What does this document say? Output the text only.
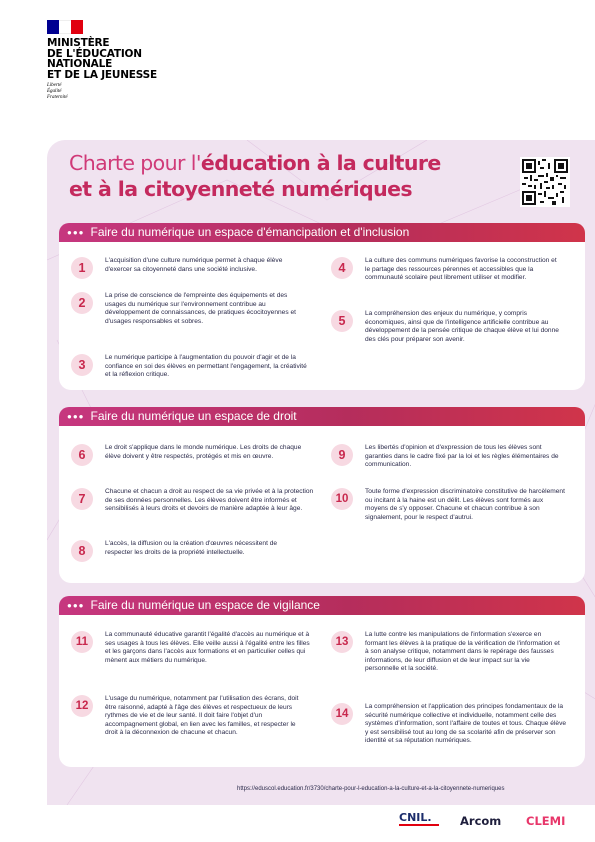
MINISTÈRE
DE L'ÉDUCATION
NATIONALE
ET DE LA JEUNESSE
Liberté
Égalité
Fraternité
Charte pour l'éducation à la culture
et à la citoyenneté numériques
●●● Faire du numérique un espace d'émancipation et d'inclusion
1
L'acquisition d'une culture numérique permet à chaque élève d'exercer sa citoyenneté dans une société inclusive.
2
La prise de conscience de l'empreinte des équipements et des usages du numérique sur l'environnement contribue au développement de connaissances, de pratiques écocitoyennes et d'usages responsables et sobres.
3
Le numérique participe à l'augmentation du pouvoir d'agir et de la confiance en soi des élèves en permettant l'engagement, la créativité et la réflexion critique.
4
La culture des communs numériques favorise la coconstruction et le partage des ressources pérennes et accessibles que la communauté scolaire peut librement utiliser et modifier.
5
La compréhension des enjeux du numérique, y compris économiques, ainsi que de l'intelligence artificielle contribue au développement de la pensée critique de chaque élève et lui donne des clés pour préparer son avenir.
●●● Faire du numérique un espace de droit
6
Le droit s'applique dans le monde numérique. Les droits de chaque élève doivent y être respectés, protégés et mis en œuvre.
7
Chacune et chacun a droit au respect de sa vie privée et à la protection de ses données personnelles. Les élèves doivent être informés et sensibilisés à leurs droits et devoirs de manière adaptée à leur âge.
8
L'accès, la diffusion ou la création d'œuvres nécessitent de respecter les droits de la propriété intellectuelle.
9
Les libertés d'opinion et d'expression de tous les élèves sont garanties dans le cadre fixé par la loi et les règles élémentaires de communication.
10
Toute forme d'expression discriminatoire constitutive de harcèlement ou incitant à la haine est un délit. Les élèves sont formés aux moyens de s'y opposer. Chacune et chacun contribue à son signalement, pour le respect d'autrui.
●●● Faire du numérique un espace de vigilance
11
La communauté éducative garantit l'égalité d'accès au numérique et à ses usages à tous les élèves. Elle veille aussi à l'égalité entre les filles et les garçons dans l'accès aux formations et en particulier celles qui mènent aux métiers du numérique.
12
L'usage du numérique, notamment par l'utilisation des écrans, doit être raisonné, adapté à l'âge des élèves et respectueux de leurs rythmes de vie et de leur santé. Il doit faire l'objet d'un accompagnement global, en lien avec les familles, et respecter le droit à la déconnexion de chacune et chacun.
13
La lutte contre les manipulations de l'information s'exerce en formant les élèves à la pratique de la vérification de l'information et à son analyse critique, notamment dans le repérage des fausses informations, de leur diffusion et de leur impact sur la vie personnelle et la société.
14
La compréhension et l'application des principes fondamentaux de la sécurité numérique collective et individuelle, notamment celle des systèmes d'information, sont l'affaire de toutes et tous. Chaque élève y est sensibilisé tout au long de sa scolarité afin de préserver son identité et sa réputation numériques.
https://eduscol.education.fr/3730/charte-pour-l-education-a-la-culture-et-a-la-citoyennete-numeriques
CNIL. Arcom CLEMI
